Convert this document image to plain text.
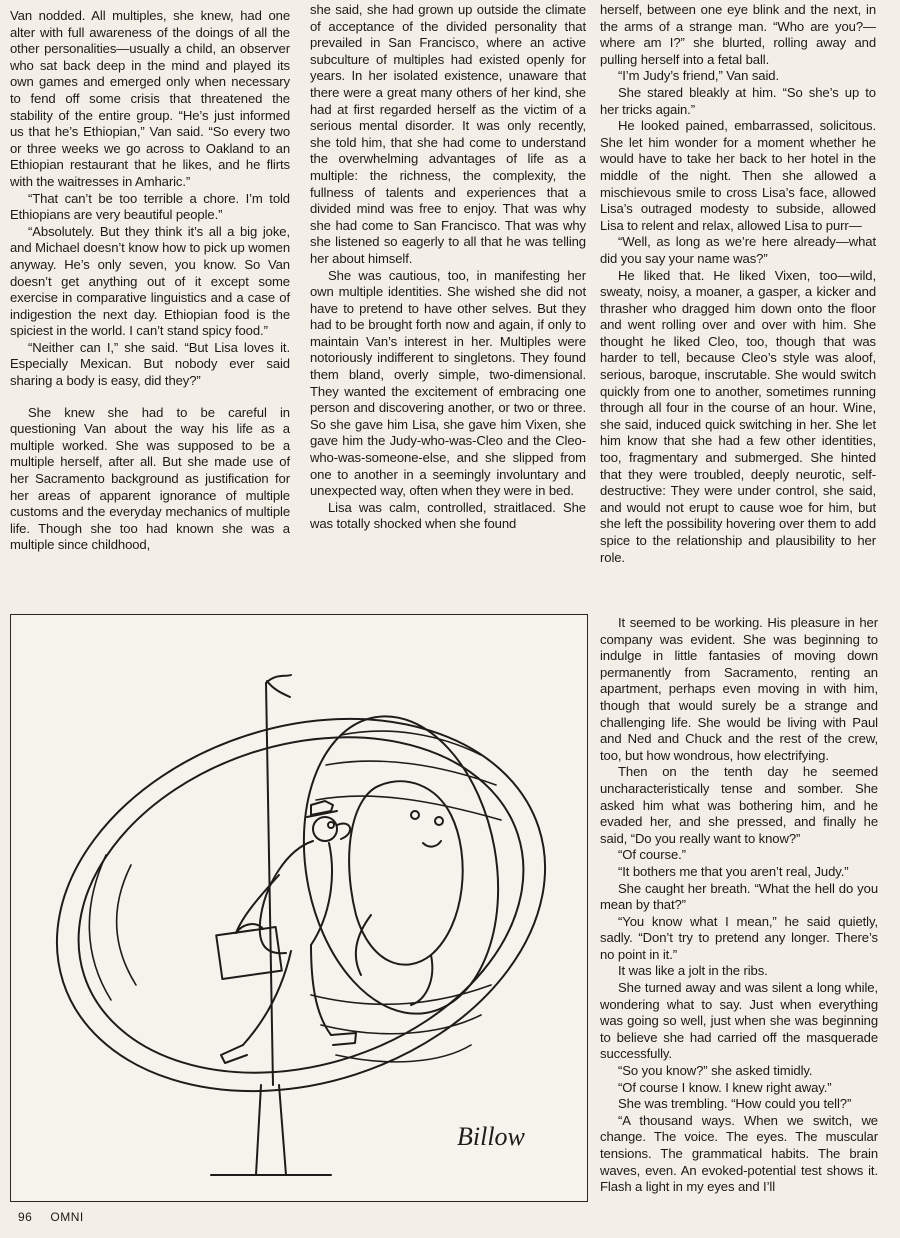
Van nodded. All multiples, she knew, had one alter with full awareness of the doings of all the other personalities—usually a child, an observer who sat back deep in the mind and played its own games and emerged only when necessary to fend off some crisis that threatened the stability of the entire group. “He’s just informed us that he’s Ethiopian,” Van said. “So every two or three weeks we go across to Oakland to an Ethiopian restaurant that he likes, and he flirts with the waitresses in Amharic.”

“That can’t be too terrible a chore. I’m told Ethiopians are very beautiful people.”

“Absolutely. But they think it’s all a big joke, and Michael doesn’t know how to pick up women anyway. He’s only seven, you know. So Van doesn’t get anything out of it except some exercise in comparative linguistics and a case of indigestion the next day. Ethiopian food is the spiciest in the world. I can’t stand spicy food.”

“Neither can I,” she said. “But Lisa loves it. Especially Mexican. But nobody ever said sharing a body is easy, did they?”

She knew she had to be careful in questioning Van about the way his life as a multiple worked. She was supposed to be a multiple herself, after all. But she made use of her Sacramento background as justification for her areas of apparent ignorance of multiple customs and the everyday mechanics of multiple life. Though she too had known she was a multiple since childhood,

she said, she had grown up outside the climate of acceptance of the divided personality that prevailed in San Francisco, where an active subculture of multiples had existed openly for years. In her isolated existence, unaware that there were a great many others of her kind, she had at first regarded herself as the victim of a serious mental disorder. It was only recently, she told him, that she had come to understand the overwhelming advantages of life as a multiple: the richness, the complexity, the fullness of talents and experiences that a divided mind was free to enjoy. That was why she had come to San Francisco. That was why she listened so eagerly to all that he was telling her about himself.

She was cautious, too, in manifesting her own multiple identities. She wished she did not have to pretend to have other selves. But they had to be brought forth now and again, if only to maintain Van’s interest in her. Multiples were notoriously indifferent to singletons. They found them bland, overly simple, two-dimensional. They wanted the excitement of embracing one person and discovering another, or two or three. So she gave him Lisa, she gave him Vixen, she gave him the Judy-who-was-Cleo and the Cleo-who-was-someone-else, and she slipped from one to another in a seemingly involuntary and unexpected way, often when they were in bed.

Lisa was calm, controlled, straitlaced. She was totally shocked when she found

herself, between one eye blink and the next, in the arms of a strange man. “Who are you?—where am I?” she blurted, rolling away and pulling herself into a fetal ball.

“I’m Judy’s friend,” Van said.

She stared bleakly at him. “So she’s up to her tricks again.”

He looked pained, embarrassed, solicitous. She let him wonder for a moment whether he would have to take her back to her hotel in the middle of the night. Then she allowed a mischievous smile to cross Lisa’s face, allowed Lisa’s outraged modesty to subside, allowed Lisa to relent and relax, allowed Lisa to purr—

“Well, as long as we’re here already—what did you say your name was?”

He liked that. He liked Vixen, too—wild, sweaty, noisy, a moaner, a gasper, a kicker and thrasher who dragged him down onto the floor and went rolling over and over with him. She thought he liked Cleo, too, though that was harder to tell, because Cleo’s style was aloof, serious, baroque, inscrutable. She would switch quickly from one to another, sometimes running through all four in the course of an hour. Wine, she said, induced quick switching in her. She let him know that she had a few other identities, too, fragmentary and submerged. She hinted that they were troubled, deeply neurotic, self-destructive: They were under control, she said, and would not erupt to cause woe for him, but she left the possibility hovering over them to add spice to the relationship and plausibility to her role.

It seemed to be working. His pleasure in her company was evident. She was beginning to indulge in little fantasies of moving down permanently from Sacramento, renting an apartment, perhaps even moving in with him, though that would surely be a strange and challenging life. She would be living with Paul and Ned and Chuck and the rest of the crew, too, but how wondrous, how electrifying.

Then on the tenth day he seemed uncharacteristically tense and somber. She asked him what was bothering him, and he evaded her, and she pressed, and finally he said, “Do you really want to know?”

“Of course.”

“It bothers me that you aren’t real, Judy.”

She caught her breath. “What the hell do you mean by that?”

“You know what I mean,” he said quietly, sadly. “Don’t try to pretend any longer. There’s no point in it.”

It was like a jolt in the ribs.

She turned away and was silent a long while, wondering what to say. Just when everything was going so well, just when she was beginning to believe she had carried off the masquerade successfully.

“So you know?” she asked timidly.

“Of course I know. I knew right away.”

She was trembling. “How could you tell?”

“A thousand ways. When we switch, we change. The voice. The eyes. The muscular tensions. The grammatical habits. The brain waves, even. An evoked-potential test shows it. Flash a light in my eyes and I’ll

Billow
96 OMNI
